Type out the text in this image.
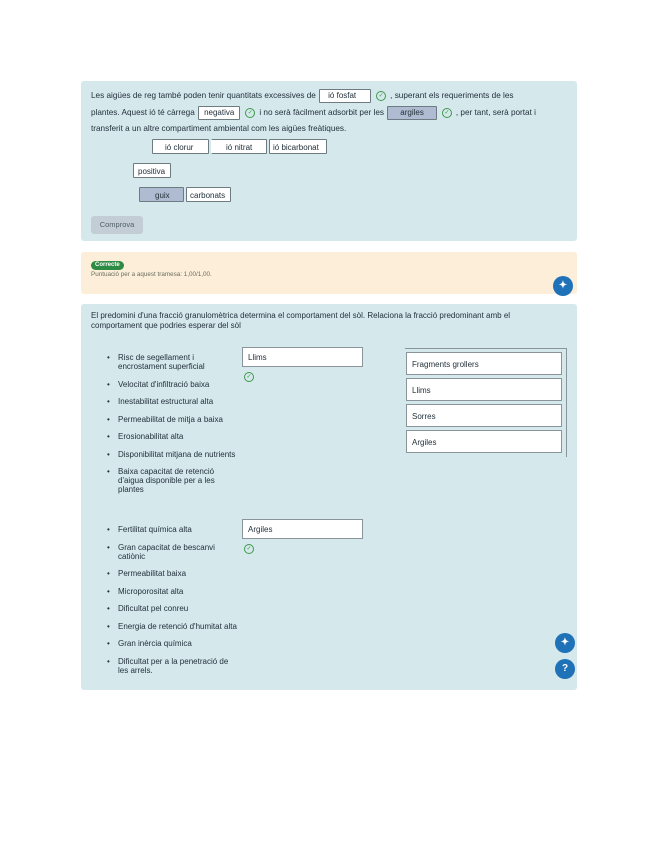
Les aigües de reg també poden tenir quantitats excessives de ió fosfat	✓ , superant els requeriments de les
plantes. Aquest ió té càrrega negativa ✓ i no serà fàcilment adsorbit per les argiles	✓ , per tant, serà portat i
transferit a un altre compartiment ambiental com les aigües freàtiques.
ió clorur	ió nitrat	ió bicarbonat
positiva
guix	carbonats
Comprova
Correcte
Puntuació per a aquest tramesa: 1,00/1,00.
✦
El predomini d'una fracció granulomètrica determina el comportament del sòl. Relaciona la fracció predominant amb el comportament que podries esperar del sòl
• Risc de segellament i encrostament superficial
• Velocitat d'infiltració baixa
• Inestabilitat estructural alta
• Permeabilitat de mitja a baixa
• Erosionabilitat alta
• Disponibilitat mitjana de nutrients
• Baixa capacitat de retenció d'aigua disponible per a les plantes
• Fertilitat química alta
• Gran capacitat de bescanvi catiònic
• Permeabilitat baixa
• Microporositat alta
• Dificultat pel conreu
• Energia de retenció d'humitat alta
• Gran inèrcia química
• Dificultat per a la penetració de les arrels.
Llims
✓
Argiles
✓
Fragments grollers
Llims
Sorres
Argiles
✦
?
